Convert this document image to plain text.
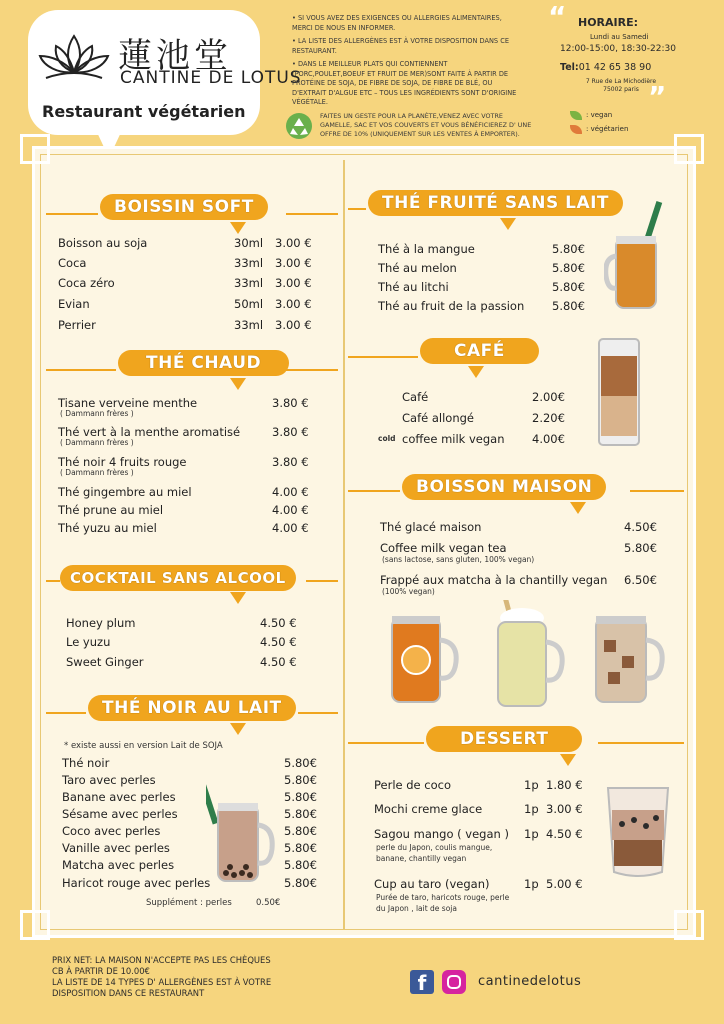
蓮池堂
CANTINE DE LOTUS
Restaurant végétarien

• SI VOUS AVEZ DES EXIGENCES OU ALLERGIES ALIMENTAIRES, MERCI DE NOUS EN INFORMER.

• LA LISTE DES ALLERGÈNES EST À VOTRE DISPOSITION DANS CE RESTAURANT.

• DANS LE MEILLEUR PLATS QUI CONTIENNENT (PORC,POULET,BOEUF ET FRUIT DE MER)SONT FAITE À PARTIR DE PROTÉINE DE SOJA, DE FIBRE DE SOJA, DE FIBRE DE BLÉ, OU D'EXTRAIT D'ALGUE ETC – TOUS LES INGRÉDIENTS SONT D'ORIGINE VÉGÉTALE.

FAITES UN GESTE POUR LA PLANÈTE,VENEZ AVEC VOTRE GAMELLE, SAC ET VOS COUVERTS ET VOUS BÉNÉFICIEREZ D' UNE OFFRE DE 10% (UNIQUEMENT SUR LES VENTES À EMPORTER).
“
”
HORAIRE:
Lundi au Samedi
12:00-15:00, 18:30-22:30
Tel:01 42 65 38 90
7 Rue de La Michodière
75002 paris
: vegan
: végétarien
BOISSIN SOFT
Boisson au soja	30ml 3.00 €
Coca	33ml 3.00 €
Coca zéro	33ml 3.00 €
Evian	50ml 3.00 €
Perrier	33ml 3.00 €
THÉ CHAUD
Tisane verveine menthe
( Dammann frères )
3.80 €
Thé vert à la menthe aromatisé
( Dammann frères )
3.80 €
Thé noir 4 fruits rouge
( Dammann frères )
3.80 €
Thé gingembre au miel	4.00 €
Thé prune au miel	4.00 €
Thé yuzu au miel	4.00 €
COCKTAIL SANS ALCOOL
Honey plum	4.50 €
Le yuzu	4.50 €
Sweet Ginger	4.50 €
THÉ NOIR AU LAIT
* existe aussi en version Lait de SOJA
Thé noir	5.80€
Taro avec perles	5.80€
Banane avec perles	5.80€
Sésame avec perles	5.80€
Coco avec perles	5.80€
Vanille avec perles	5.80€
Matcha avec perles	5.80€
Haricot rouge avec perles	5.80€
Supplément : perles	0.50€
THÉ FRUITÉ SANS LAIT
Thé à la mangue	5.80€
Thé au melon	5.80€
Thé au litchi	5.80€
Thé au fruit de la passion 5.80€
CAFÉ
Café	2.00€
Café allongé	2.20€
cold coffee milk vegan 4.00€
BOISSON MAISON
Thé glacé maison	4.50€
Coffee milk vegan tea
(sans lactose, sans gluten, 100% vegan)
5.80€
Frappé aux matcha à la chantilly vegan
(100% vegan)
6.50€
DESSERT
Perle de coco	1p 1.80 €
Mochi creme glace	1p 3.00 €
Sagou mango ( vegan )
perle du Japon, coulis mangue, banane, chantilly vegan
1p 4.50 €
Cup au taro (vegan)
Purée de taro, haricots rouge, perle du Japon , lait de soja
1p 5.00 €
PRIX NET: LA MAISON N'ACCEPTE PAS LES CHÈQUES
CB À PARTIR DE 10.00€
LA LISTE DE 14 TYPES D' ALLERGÈNES EST À VOTRE DISPOSITION DANS CE RESTAURANT	f	cantinedelotus
